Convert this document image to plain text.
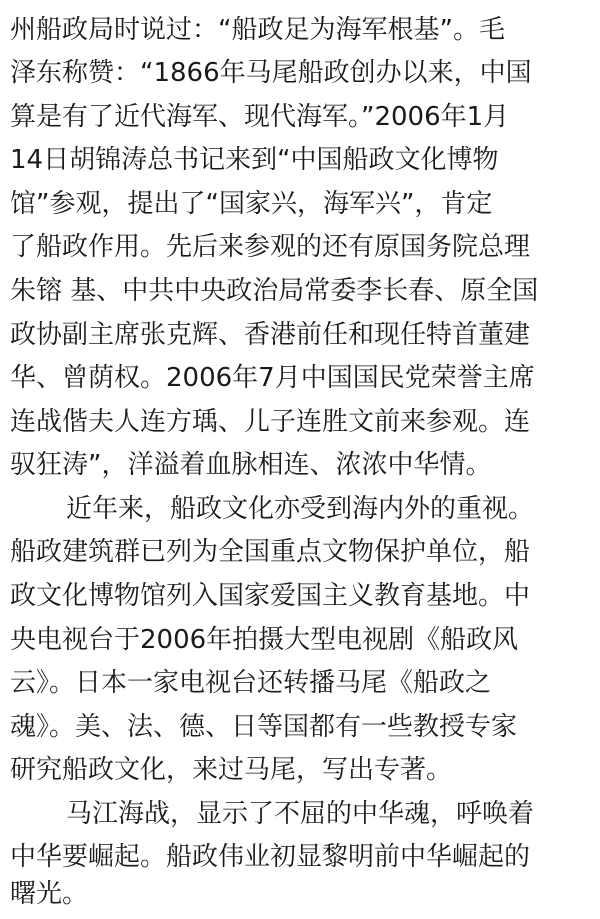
州船政局时说过：“船政足为海军根基”。毛
泽东称赞：“1866年马尾船政创办以来，中国
算是有了近代海军、现代海军。”2006年1月
14日胡锦涛总书记来到“中国船政文化博物
馆”参观，提出了“国家兴，海军兴”，肯定
了船政作用。先后来参观的还有原国务院总理
朱镕 基、中共中央政治局常委李长春、原全国
政协副主席张克辉、香港前任和现任特首董建
华、曾荫权。2006年7月中国国民党荣誉主席
连战偕夫人连方瑀、儿子连胜文前来参观。连
驭狂涛”，洋溢着血脉相连、浓浓中华情。
近年来，船政文化亦受到海内外的重视。
船政建筑群已列为全国重点文物保护单位，船
政文化博物馆列入国家爱国主义教育基地。中
央电视台于2006年拍摄大型电视剧《船政风
云》。日本一家电视台还转播马尾《船政之
魂》。美、法、德、日等国都有一些教授专家
研究船政文化，来过马尾，写出专著。
马江海战，显示了不屈的中华魂，呼唤着
中华要崛起。船政伟业初显黎明前中华崛起的
曙光。
